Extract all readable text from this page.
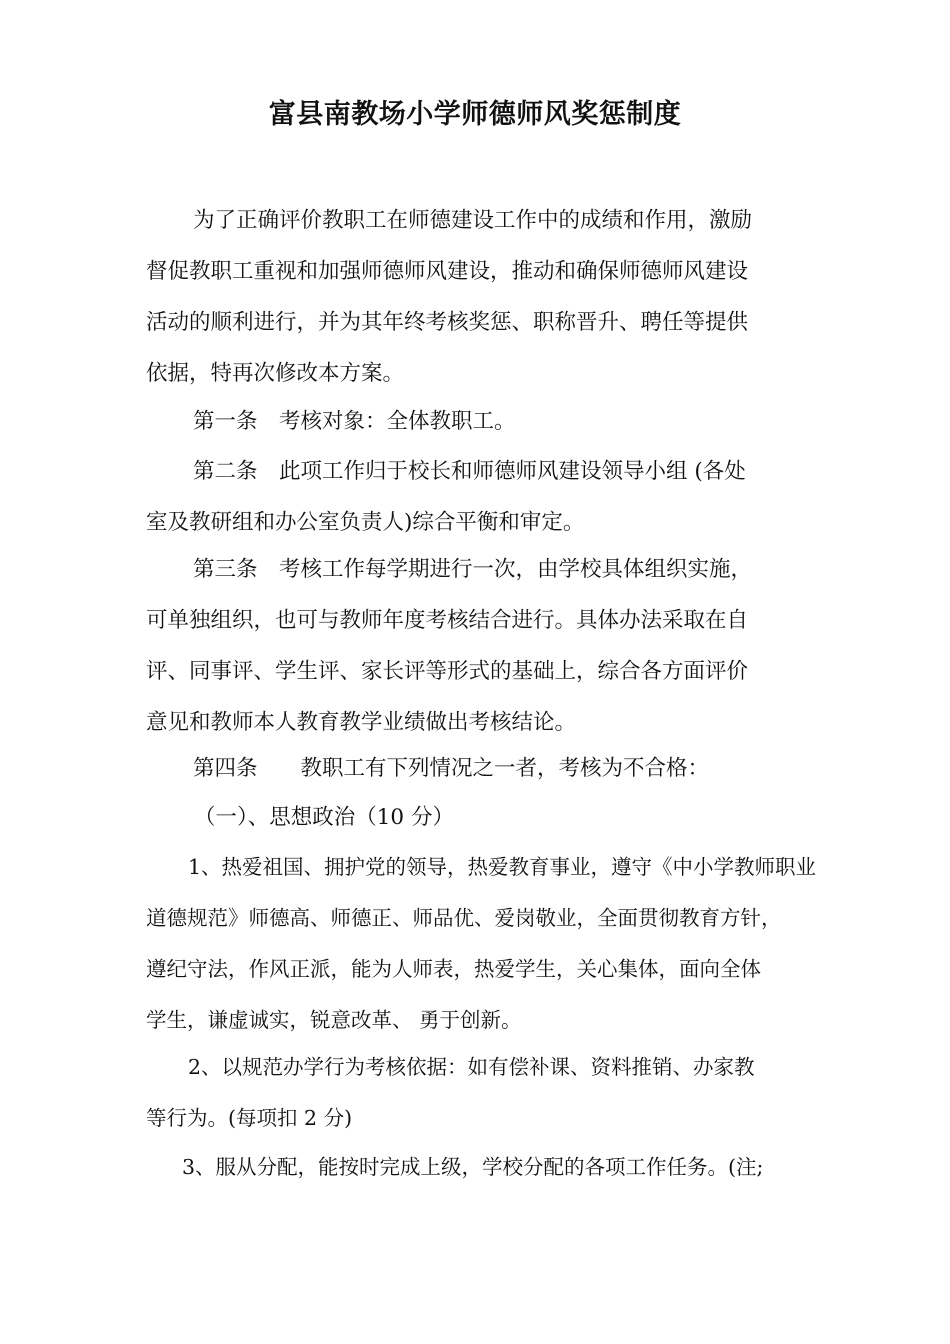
富县南教场小学师德师风奖惩制度
为了正确评价教职工在师德建设工作中的成绩和作用，激励
督促教职工重视和加强师德师风建设，推动和确保师德师风建设
活动的顺利进行，并为其年终考核奖惩、职称晋升、聘任等提供
依据，特再次修改本方案。
第一条　考核对象：全体教职工。
第二条　此项工作归于校长和师德师风建设领导小组 (各处
室及教研组和办公室负责人)综合平衡和审定。
第三条　考核工作每学期进行一次，由学校具体组织实施，
可单独组织，也可与教师年度考核结合进行。具体办法采取在自
评、同事评、学生评、家长评等形式的基础上，综合各方面评价
意见和教师本人教育教学业绩做出考核结论。
第四条　　教职工有下列情况之一者，考核为不合格：
（一）、思想政治（10 分）
1、热爱祖国、拥护党的领导，热爱教育事业，遵守《中小学教师职业
道德规范》师德高、师德正、师品优、爱岗敬业，全面贯彻教育方针，
遵纪守法，作风正派，能为人师表，热爱学生，关心集体，面向全体
学生，谦虚诚实，锐意改革、 勇于创新。
2、以规范办学行为考核依据：如有偿补课、资料推销、办家教
等行为。(每项扣 2 分)
3、服从分配，能按时完成上级，学校分配的各项工作任务。(注;
